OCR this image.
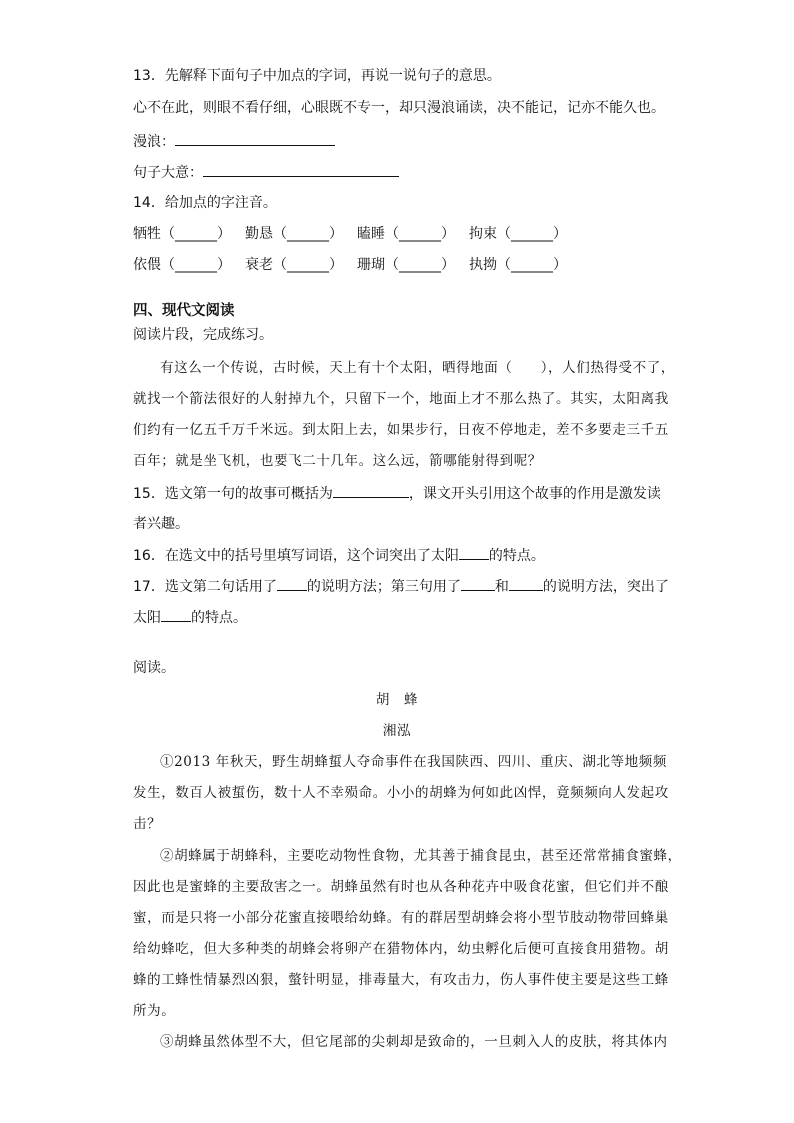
13．先解释下面句子中加点的字词，再说一说句子的意思。
心不在此，则眼不看仔细，心眼既不专一，却只漫浪诵读，决不能记，记亦不能久也。
漫浪：
句子大意：
14．给加点的字注音。
牺牲（______） 勤恳（______） 瞌睡（______） 拘束（______）
依偎（______） 衰老（______） 珊瑚（______） 执拗（______）
四、现代文阅读
阅读片段，完成练习。
有这么一个传说，古时候，天上有十个太阳，晒得地面（　　），人们热得受不了，
就找一个箭法很好的人射掉九个，只留下一个，地面上才不那么热了。其实，太阳离我
们约有一亿五千万千米远。到太阳上去，如果步行，日夜不停地走，差不多要走三千五
百年；就是坐飞机，也要飞二十几年。这么远，箭哪能射得到呢？
15．选文第一句的故事可概括为	，课文开头引用这个故事的作用是激发读
者兴趣。
16．在选文中的括号里填写词语，这个词突出了太阳 的特点。
17．选文第二句话用了 的说明方法；第三句用了 和 的说明方法，突出了
太阳 的特点。
阅读。
胡　蜂
湘泓
①2013 年秋天，野生胡蜂蜇人夺命事件在我国陕西、四川、重庆、湖北等地频频
发生，数百人被蜇伤，数十人不幸殒命。小小的胡蜂为何如此凶悍，竟频频向人发起攻
击？
②胡蜂属于胡蜂科，主要吃动物性食物，尤其善于捕食昆虫，甚至还常常捕食蜜蜂，
因此也是蜜蜂的主要敌害之一。胡蜂虽然有时也从各种花卉中吸食花蜜，但它们并不酿
蜜，而是只将一小部分花蜜直接喂给幼蜂。有的群居型胡蜂会将小型节肢动物带回蜂巢
给幼蜂吃，但大多种类的胡蜂会将卵产在猎物体内，幼虫孵化后便可直接食用猎物。胡
蜂的工蜂性情暴烈凶狠，螫针明显，排毒量大，有攻击力，伤人事件使主要是这些工蜂
所为。
③胡蜂虽然体型不大，但它尾部的尖刺却是致命的，一旦刺入人的皮肤，将其体内
